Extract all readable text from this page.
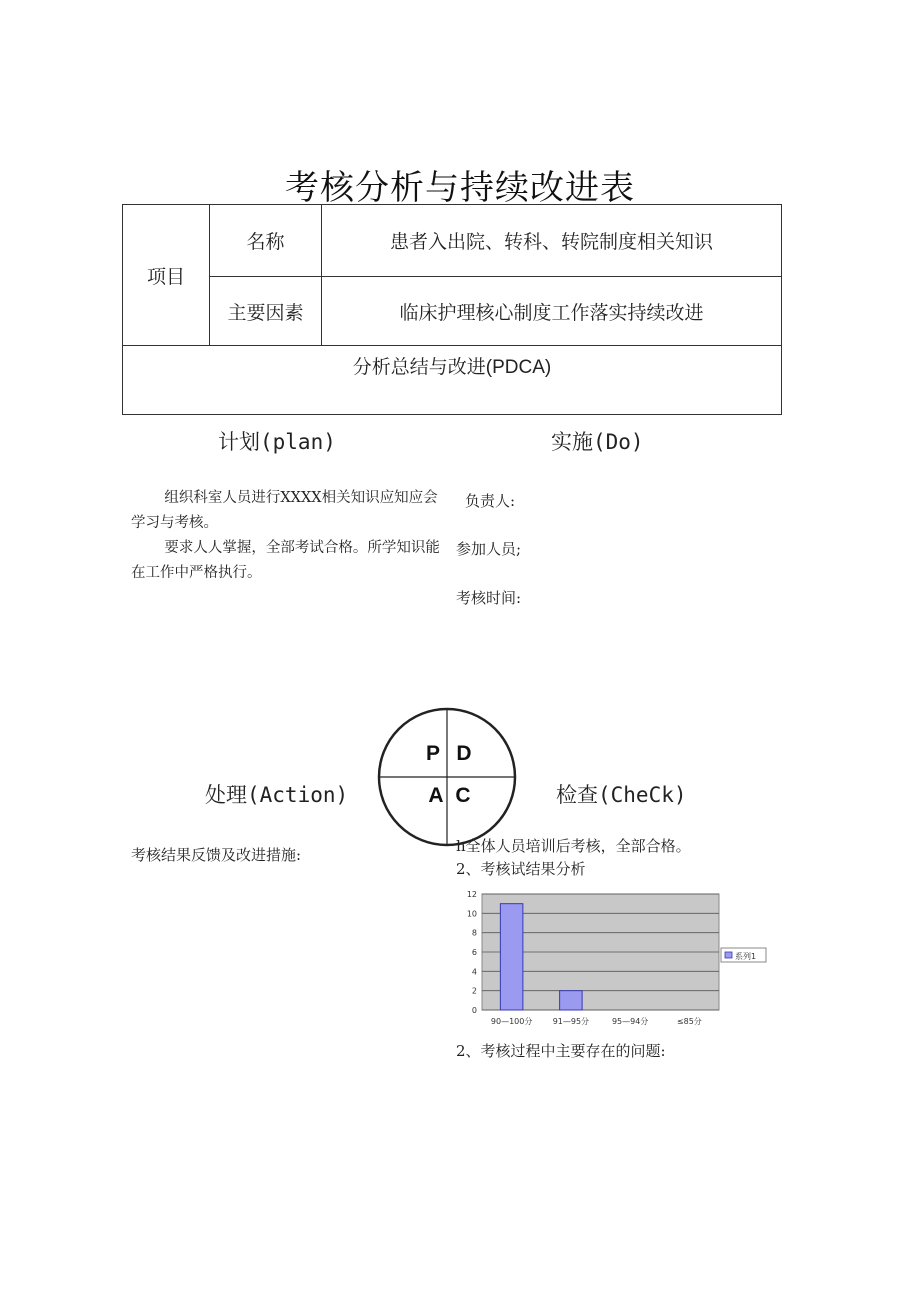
考核分析与持续改进表
项目	名称	患者入出院、转科、转院制度相关知识
	主要因素	临床护理核心制度工作落实持续改进
分析总结与改进(PDCA)		
计划(plan)

组织科室人员进行XXXX相关知识应知应会学习与考核。

要求人人掌握，全部考试合格。所学知识能在工作中严格执行。

实施(Do)
负责人:
参加人员;
考核时间:
P D
A C
处理(Action)
考核结果反馈及改进措施:
检查(CheCk)
h全体人员培训后考核，全部合格。
2、考核试结果分析
0
2
4
6
8
10
12
90—100分	91—95分	95—94分	≤85分
系列1
2、考核过程中主要存在的问题:
